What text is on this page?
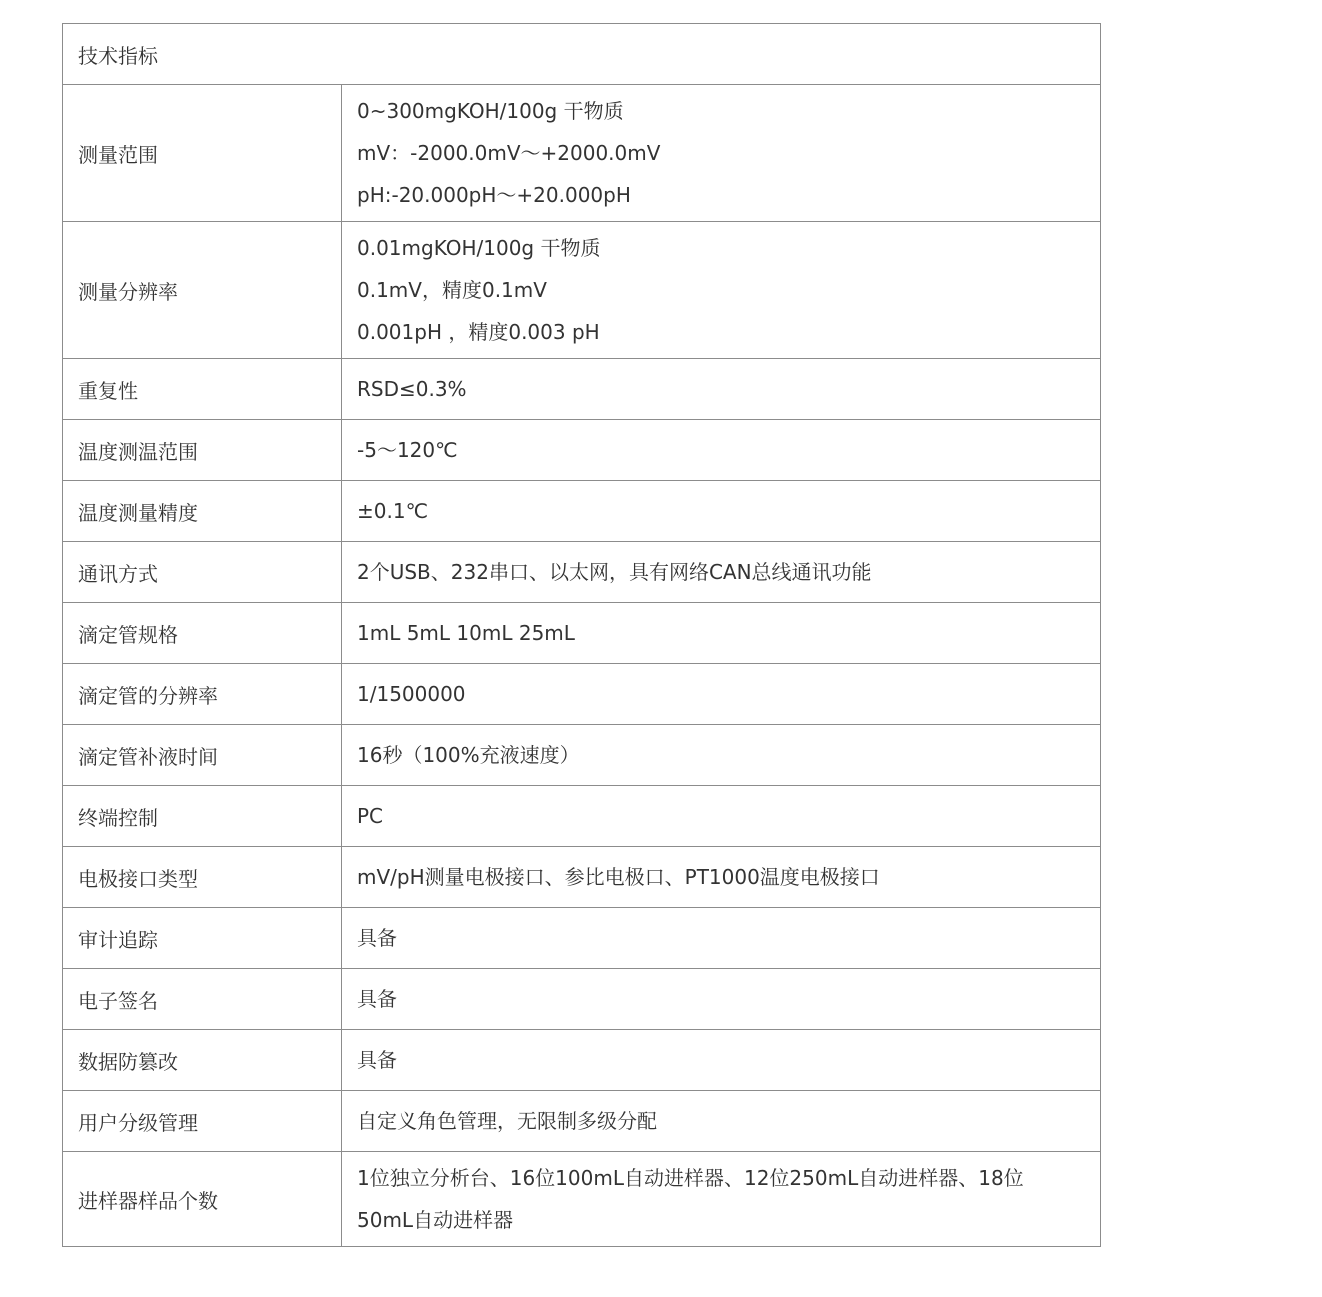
技术指标	
测量范围	0~300mgKOH/100g 干物质
mV：-2000.0mV～+2000.0mV
pH:-20.000pH～+20.000pH

测量分辨率	0.01mgKOH/100g 干物质
0.1mV，精度0.1mV
0.001pH ，精度0.003 pH

重复性	RSD≤0.3%

温度测温范围	-5～120℃

温度测量精度	±0.1℃

通讯方式	2个USB、232串口、以太网，具有网络CAN总线通讯功能

滴定管规格	1mL 5mL 10mL 25mL

滴定管的分辨率	1/1500000

滴定管补液时间	16秒（100%充液速度）

终端控制	PC

电极接口类型	mV/pH测量电极接口、参比电极口、PT1000温度电极接口

审计追踪	具备

电子签名	具备

数据防篡改	具备

用户分级管理	自定义角色管理，无限制多级分配

进样器样品个数	1位独立分析台、16位100mL自动进样器、12位250mL自动进样器、18位
50mL自动进样器
